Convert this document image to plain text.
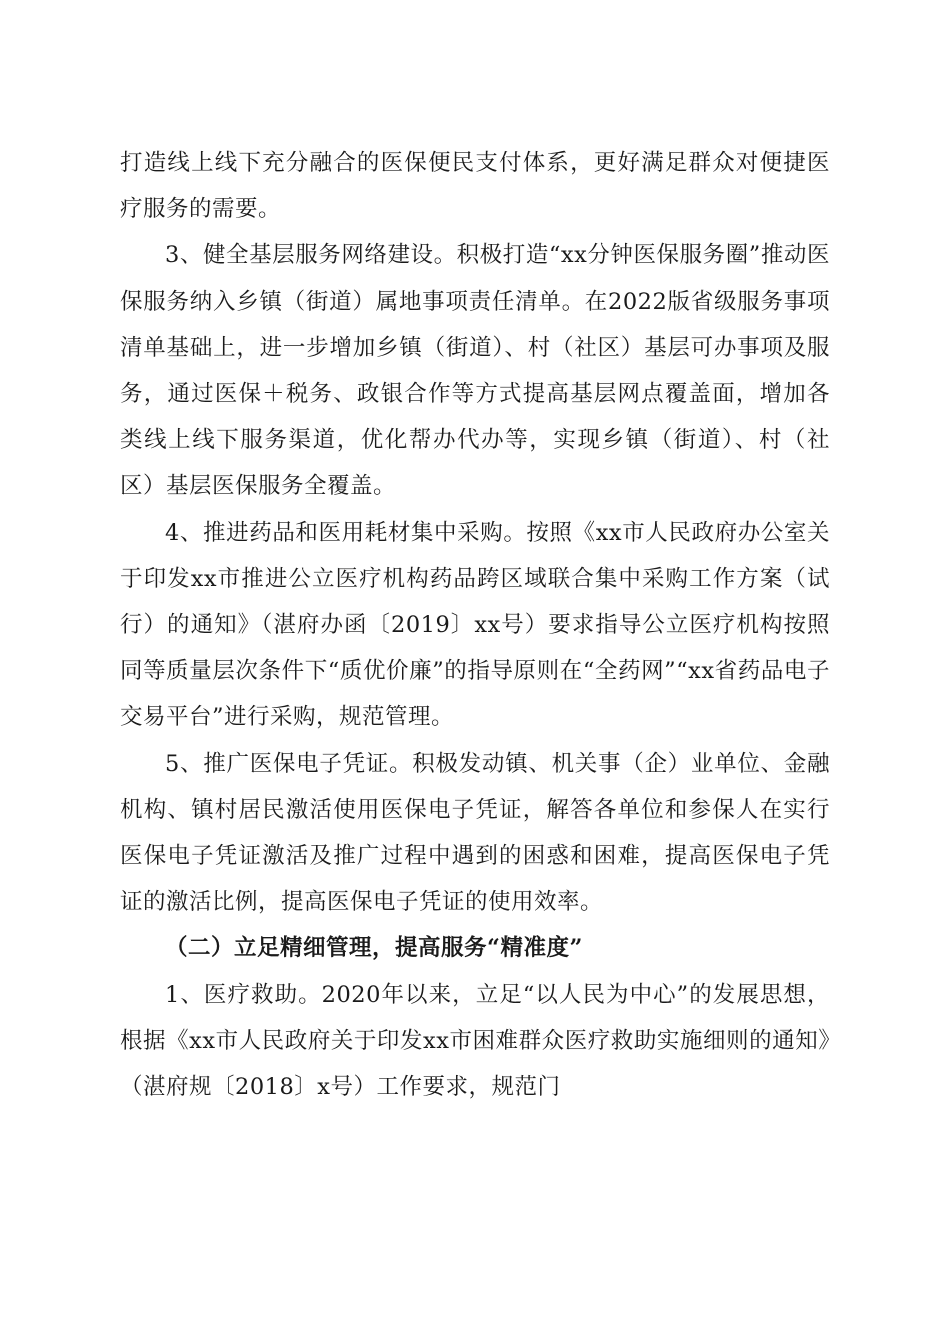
打造线上线下充分融合的医保便民支付体系，更好满足群众对便捷医疗服务的需要。

3、健全基层服务网络建设。积极打造“xx分钟医保服务圈”推动医保服务纳入乡镇（街道）属地事项责任清单。在2022版省级服务事项清单基础上，进一步增加乡镇（街道）、村（社区）基层可办事项及服务，通过医保＋税务、政银合作等方式提高基层网点覆盖面，增加各类线上线下服务渠道，优化帮办代办等，实现乡镇（街道）、村（社区）基层医保服务全覆盖。

4、推进药品和医用耗材集中采购。按照《xx市人民政府办公室关于印发xx市推进公立医疗机构药品跨区域联合集中采购工作方案（试行）的通知》（湛府办函〔2019〕xx号）要求指导公立医疗机构按照同等质量层次条件下“质优价廉”的指导原则在“全药网”“xx省药品电子交易平台”进行采购，规范管理。

5、推广医保电子凭证。积极发动镇、机关事（企）业单位、金融机构、镇村居民激活使用医保电子凭证，解答各单位和参保人在实行医保电子凭证激活及推广过程中遇到的困惑和困难，提高医保电子凭证的激活比例，提高医保电子凭证的使用效率。

（二）立足精细管理，提高服务“精准度”

1、医疗救助。2020年以来，立足“以人民为中心”的发展思想，根据《xx市人民政府关于印发xx市困难群众医疗救助实施细则的通知》（湛府规〔2018〕x号）工作要求，规范门
